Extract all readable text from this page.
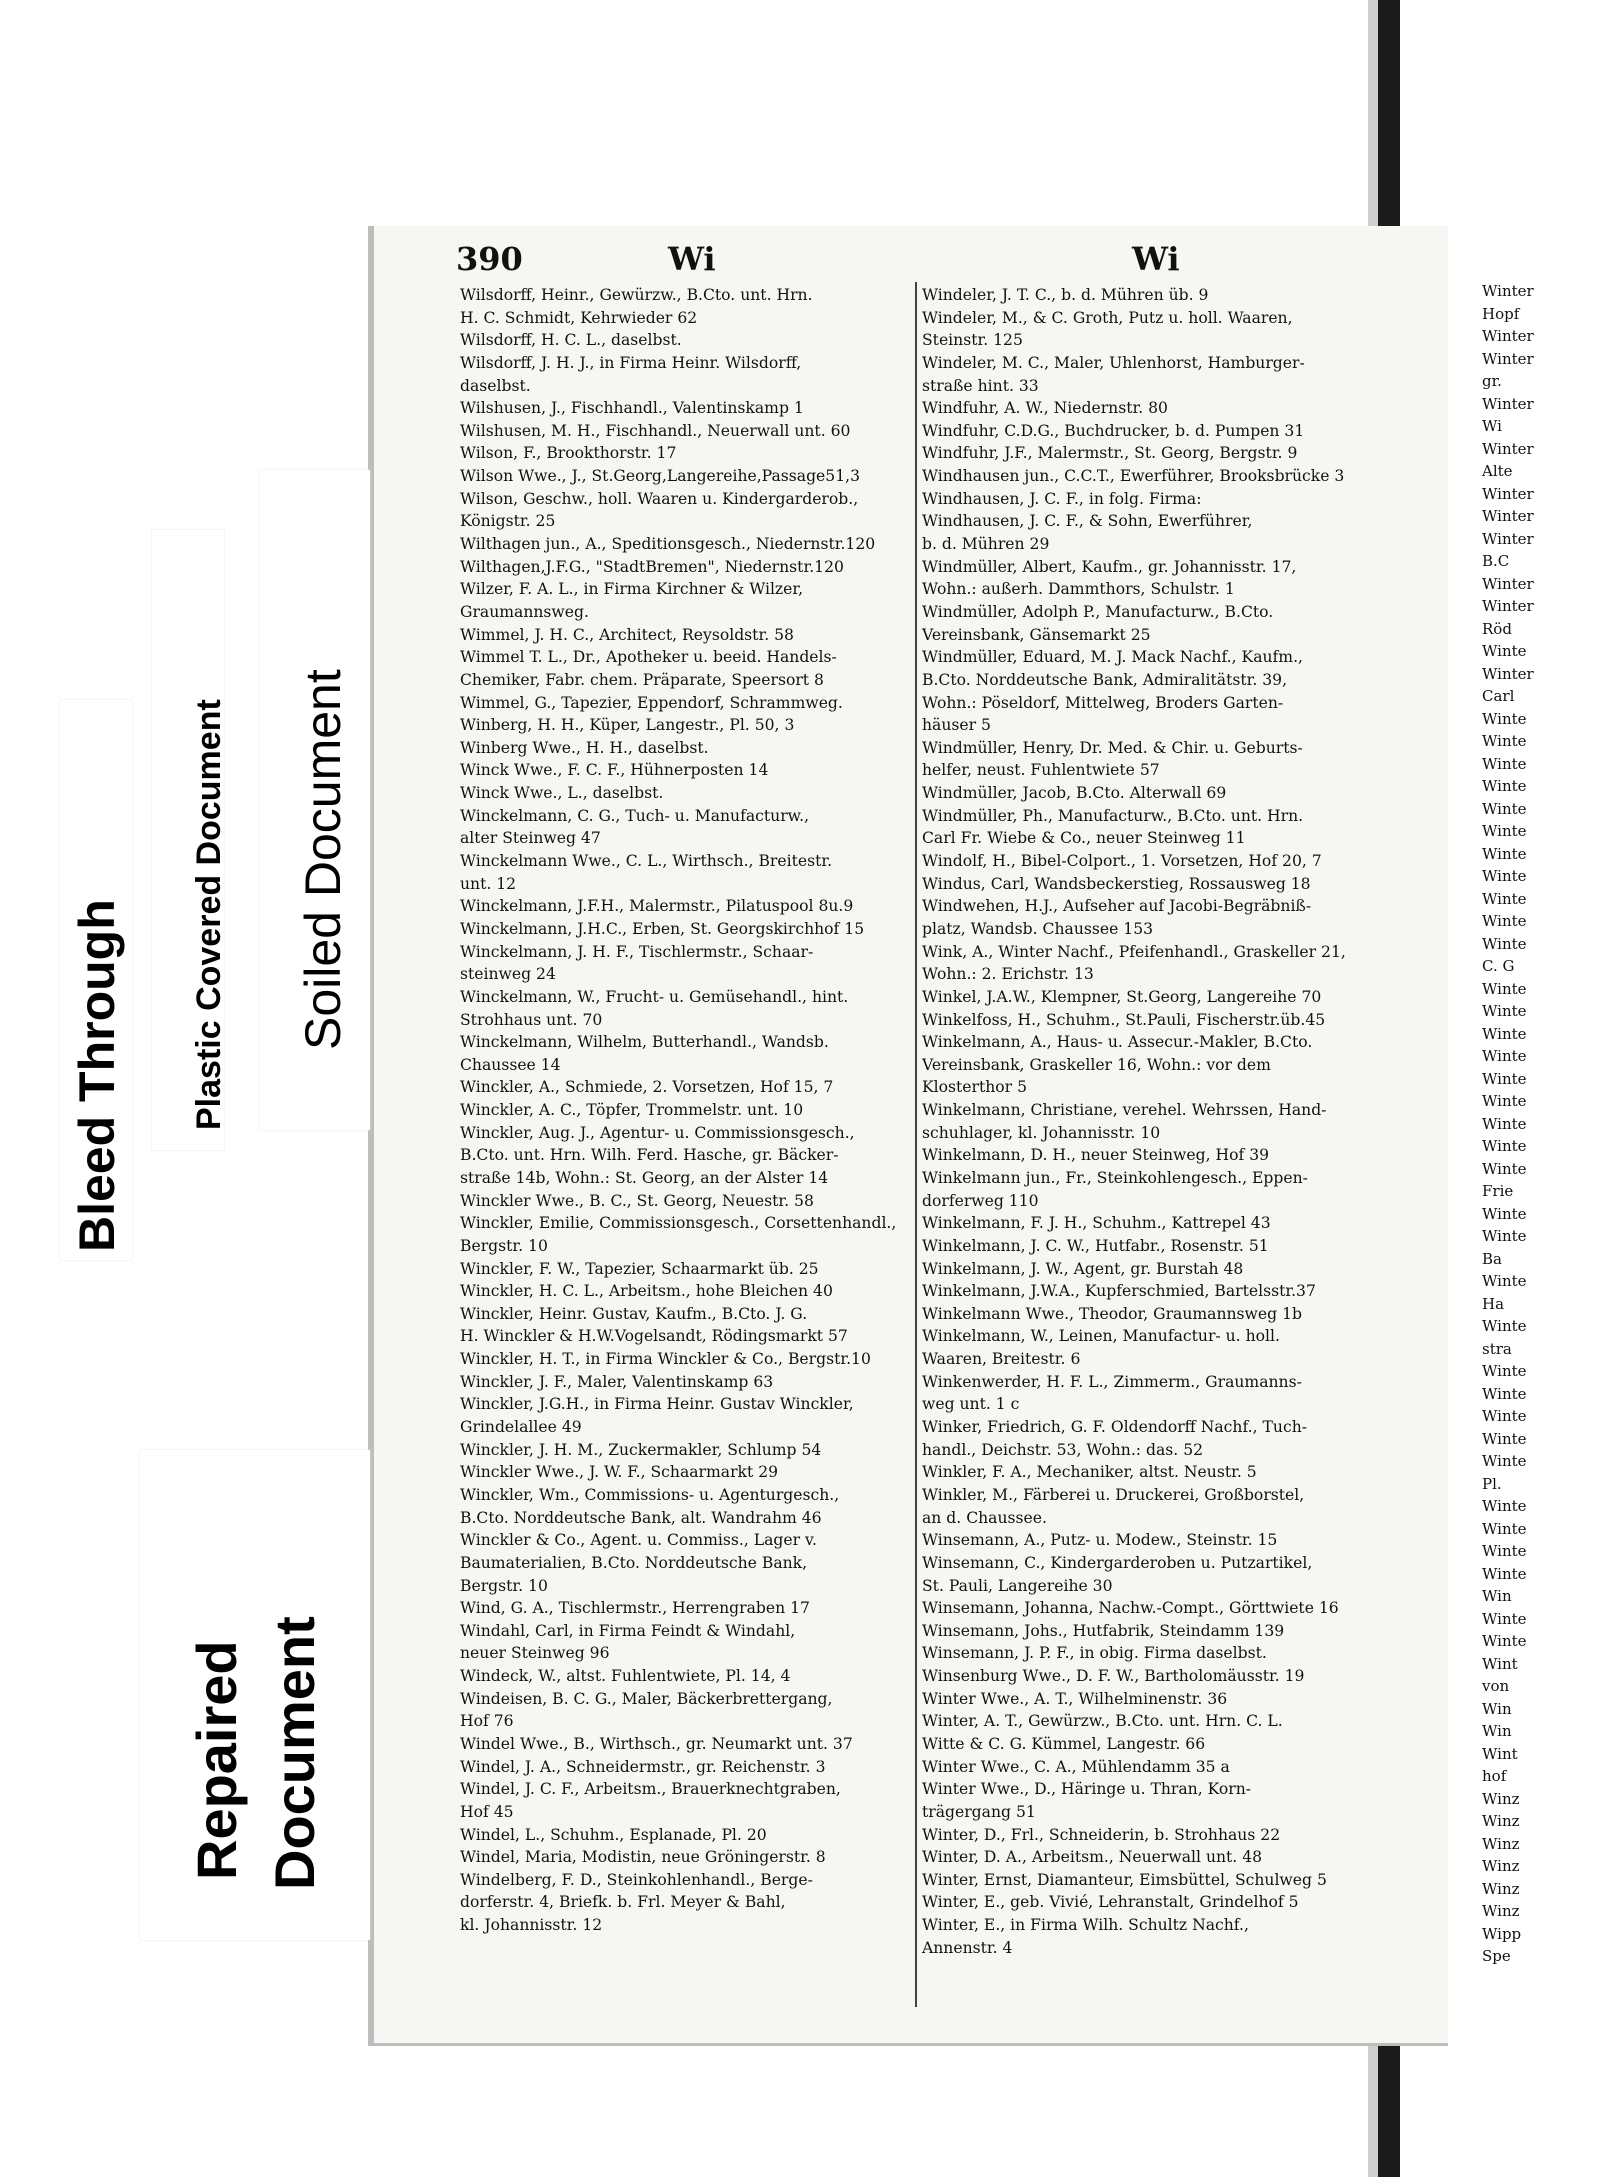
390	Wi	Wi
Wilsdorff, Heinr., Gewürzw., B.Cto. unt. Hrn.
H. C. Schmidt, Kehrwieder 62
Wilsdorff, H. C. L., daselbst.
Wilsdorff, J. H. J., in Firma Heinr. Wilsdorff,
daselbst.
Wilshusen, J., Fischhandl., Valentinskamp 1
Wilshusen, M. H., Fischhandl., Neuerwall unt. 60
Wilson, F., Brookthorstr. 17
Wilson Wwe., J., St.Georg,Langereihe,Passage51,3
Wilson, Geschw., holl. Waaren u. Kindergarderob.,
Königstr. 25
Wilthagen jun., A., Speditionsgesch., Niedernstr.120
Wilthagen,J.F.G., "StadtBremen", Niedernstr.120
Wilzer, F. A. L., in Firma Kirchner & Wilzer,
Graumannsweg.
Wimmel, J. H. C., Architect, Reysoldstr. 58
Wimmel T. L., Dr., Apotheker u. beeid. Handels-
Chemiker, Fabr. chem. Präparate, Speersort 8
Wimmel, G., Tapezier, Eppendorf, Schrammweg.
Winberg, H. H., Küper, Langestr., Pl. 50, 3
Winberg Wwe., H. H., daselbst.
Winck Wwe., F. C. F., Hühnerposten 14
Winck Wwe., L., daselbst.
Winckelmann, C. G., Tuch- u. Manufacturw.,
alter Steinweg 47
Winckelmann Wwe., C. L., Wirthsch., Breitestr.
unt. 12
Winckelmann, J.F.H., Malermstr., Pilatuspool 8u.9
Winckelmann, J.H.C., Erben, St. Georgskirchhof 15
Winckelmann, J. H. F., Tischlermstr., Schaar-
steinweg 24
Winckelmann, W., Frucht- u. Gemüsehandl., hint.
Strohhaus unt. 70
Winckelmann, Wilhelm, Butterhandl., Wandsb.
Chaussee 14
Winckler, A., Schmiede, 2. Vorsetzen, Hof 15, 7
Winckler, A. C., Töpfer, Trommelstr. unt. 10
Winckler, Aug. J., Agentur- u. Commissionsgesch.,
B.Cto. unt. Hrn. Wilh. Ferd. Hasche, gr. Bäcker-
straße 14b, Wohn.: St. Georg, an der Alster 14
Winckler Wwe., B. C., St. Georg, Neuestr. 58
Winckler, Emilie, Commissionsgesch., Corsettenhandl.,
Bergstr. 10
Winckler, F. W., Tapezier, Schaarmarkt üb. 25
Winckler, H. C. L., Arbeitsm., hohe Bleichen 40
Winckler, Heinr. Gustav, Kaufm., B.Cto. J. G.
H. Winckler & H.W.Vogelsandt, Rödingsmarkt 57
Winckler, H. T., in Firma Winckler & Co., Bergstr.10
Winckler, J. F., Maler, Valentinskamp 63
Winckler, J.G.H., in Firma Heinr. Gustav Winckler,
Grindelallee 49
Winckler, J. H. M., Zuckermakler, Schlump 54
Winckler Wwe., J. W. F., Schaarmarkt 29
Winckler, Wm., Commissions- u. Agenturgesch.,
B.Cto. Norddeutsche Bank, alt. Wandrahm 46
Winckler & Co., Agent. u. Commiss., Lager v.
Baumaterialien, B.Cto. Norddeutsche Bank,
Bergstr. 10
Wind, G. A., Tischlermstr., Herrengraben 17
Windahl, Carl, in Firma Feindt & Windahl,
neuer Steinweg 96
Windeck, W., altst. Fuhlentwiete, Pl. 14, 4
Windeisen, B. C. G., Maler, Bäckerbrettergang,
Hof 76
Windel Wwe., B., Wirthsch., gr. Neumarkt unt. 37
Windel, J. A., Schneidermstr., gr. Reichenstr. 3
Windel, J. C. F., Arbeitsm., Brauerknechtgraben,
Hof 45
Windel, L., Schuhm., Esplanade, Pl. 20
Windel, Maria, Modistin, neue Gröningerstr. 8
Windelberg, F. D., Steinkohlenhandl., Berge-
dorferstr. 4, Briefk. b. Frl. Meyer & Bahl,
kl. Johannisstr. 12
Windeler, J. T. C., b. d. Mühren üb. 9
Windeler, M., & C. Groth, Putz u. holl. Waaren,
Steinstr. 125
Windeler, M. C., Maler, Uhlenhorst, Hamburger-
straße hint. 33
Windfuhr, A. W., Niedernstr. 80
Windfuhr, C.D.G., Buchdrucker, b. d. Pumpen 31
Windfuhr, J.F., Malermstr., St. Georg, Bergstr. 9
Windhausen jun., C.C.T., Ewerführer, Brooksbrücke 3
Windhausen, J. C. F., in folg. Firma:
Windhausen, J. C. F., & Sohn, Ewerführer,
b. d. Mühren 29
Windmüller, Albert, Kaufm., gr. Johannisstr. 17,
Wohn.: außerh. Dammthors, Schulstr. 1
Windmüller, Adolph P., Manufacturw., B.Cto.
Vereinsbank, Gänsemarkt 25
Windmüller, Eduard, M. J. Mack Nachf., Kaufm.,
B.Cto. Norddeutsche Bank, Admiralitätstr. 39,
Wohn.: Pöseldorf, Mittelweg, Broders Garten-
häuser 5
Windmüller, Henry, Dr. Med. & Chir. u. Geburts-
helfer, neust. Fuhlentwiete 57
Windmüller, Jacob, B.Cto. Alterwall 69
Windmüller, Ph., Manufacturw., B.Cto. unt. Hrn.
Carl Fr. Wiebe & Co., neuer Steinweg 11
Windolf, H., Bibel-Colport., 1. Vorsetzen, Hof 20, 7
Windus, Carl, Wandsbeckerstieg, Rossausweg 18
Windwehen, H.J., Aufseher auf Jacobi-Begräbniß-
platz, Wandsb. Chaussee 153
Wink, A., Winter Nachf., Pfeifenhandl., Graskeller 21,
Wohn.: 2. Erichstr. 13
Winkel, J.A.W., Klempner, St.Georg, Langereihe 70
Winkelfoss, H., Schuhm., St.Pauli, Fischerstr.üb.45
Winkelmann, A., Haus- u. Assecur.-Makler, B.Cto.
Vereinsbank, Graskeller 16, Wohn.: vor dem
Klosterthor 5
Winkelmann, Christiane, verehel. Wehrssen, Hand-
schuhlager, kl. Johannisstr. 10
Winkelmann, D. H., neuer Steinweg, Hof 39
Winkelmann jun., Fr., Steinkohlengesch., Eppen-
dorferweg 110
Winkelmann, F. J. H., Schuhm., Kattrepel 43
Winkelmann, J. C. W., Hutfabr., Rosenstr. 51
Winkelmann, J. W., Agent, gr. Burstah 48
Winkelmann, J.W.A., Kupferschmied, Bartelsstr.37
Winkelmann Wwe., Theodor, Graumannsweg 1b
Winkelmann, W., Leinen, Manufactur- u. holl.
Waaren, Breitestr. 6
Winkenwerder, H. F. L., Zimmerm., Graumanns-
weg unt. 1 c
Winker, Friedrich, G. F. Oldendorff Nachf., Tuch-
handl., Deichstr. 53, Wohn.: das. 52
Winkler, F. A., Mechaniker, altst. Neustr. 5
Winkler, M., Färberei u. Druckerei, Großborstel,
an d. Chaussee.
Winsemann, A., Putz- u. Modew., Steinstr. 15
Winsemann, C., Kindergarderoben u. Putzartikel,
St. Pauli, Langereihe 30
Winsemann, Johanna, Nachw.-Compt., Görttwiete 16
Winsemann, Johs., Hutfabrik, Steindamm 139
Winsemann, J. P. F., in obig. Firma daselbst.
Winsenburg Wwe., D. F. W., Bartholomäusstr. 19
Winter Wwe., A. T., Wilhelminenstr. 36
Winter, A. T., Gewürzw., B.Cto. unt. Hrn. C. L.
Witte & C. G. Kümmel, Langestr. 66
Winter Wwe., C. A., Mühlendamm 35 a
Winter Wwe., D., Häringe u. Thran, Korn-
trägergang 51
Winter, D., Frl., Schneiderin, b. Strohhaus 22
Winter, D. A., Arbeitsm., Neuerwall unt. 48
Winter, Ernst, Diamanteur, Eimsbüttel, Schulweg 5
Winter, E., geb. Vivié, Lehranstalt, Grindelhof 5
Winter, E., in Firma Wilh. Schultz Nachf.,
Annenstr. 4
Winter
Hopf
Winter
Winter
gr.
Winter
Wi
Winter
Alte
Winter
Winter
Winter
B.C
Winter
Winter
Röd
Winte
Winter
Carl
Winte
Winte
Winte
Winte
Winte
Winte
Winte
Winte
Winte
Winte
Winte
C. G
Winte
Winte
Winte
Winte
Winte
Winte
Winte
Winte
Winte
Frie
Winte
Winte
Ba
Winte
Ha
Winte
stra
Winte
Winte
Winte
Winte
Winte
Pl.
Winte
Winte
Winte
Winte
Win
Winte
Winte
Wint
von
Win
Win
Wint
hof
Winz
Winz
Winz
Winz
Winz
Winz
Wipp
Spe
Bleed Through Plastic Covered Document Soiled Document
Repaired Document
